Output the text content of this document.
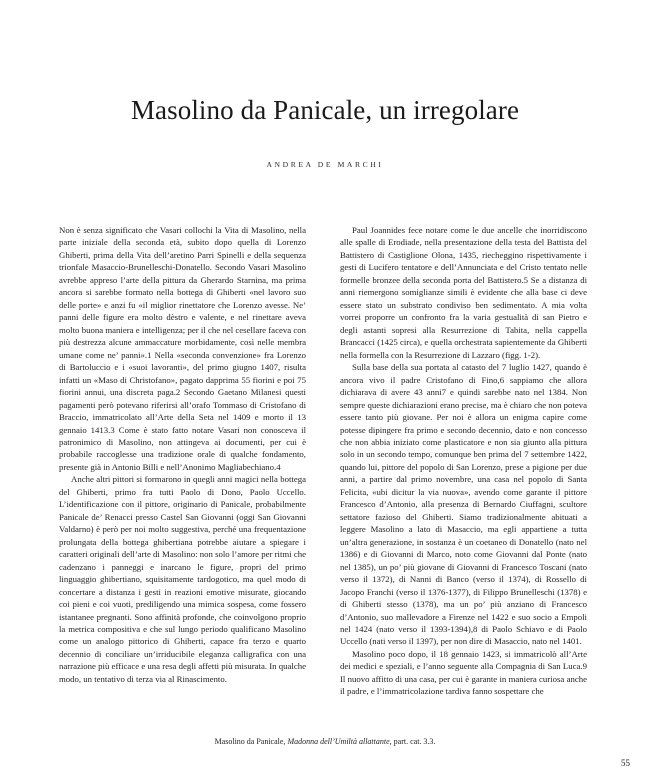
Masolino da Panicale, un irregolare
ANDREA DE MARCHI

Non è senza significato che Vasari collochi la Vita di Masolino, nella parte iniziale della seconda età, subito dopo quella di Lorenzo Ghiberti, prima della Vita dell’aretino Parri Spinelli e della sequenza trionfale Masaccio-Brunelleschi-Donatello. Secondo Vasari Masolino avrebbe appreso l’arte della pittura da Gherardo Starnina, ma prima ancora si sarebbe formato nella bottega di Ghiberti «nel lavoro suo delle porte» e anzi fu «il miglior rinettatore che Lorenzo avesse. Ne’ panni delle figure era molto dèstro e valente, e nel rinettare aveva molto buona maniera e intelligenza; per il che nel cesellare faceva con più destrezza alcune ammaccature morbidamente, così nelle membra umane come ne’ panni».1 Nella «seconda convenzione» fra Lorenzo di Bartoluccio e i «suoi lavoranti», del primo giugno 1407, risulta infatti un «Maso di Christofano», pagato dapprima 55 fiorini e poi 75 fiorini annui, una discreta paga.2 Secondo Gaetano Milanesi questi pagamenti però potevano riferirsi all’orafo Tommaso di Cristofano di Braccio, immatricolato all’Arte della Seta nel 1409 e morto il 13 gennaio 1413.3 Come è stato fatto notare Vasari non conosceva il patronimico di Masolino, non attingeva ai documenti, per cui è probabile raccoglesse una tradizione orale di qualche fondamento, presente già in Antonio Billi e nell’Anonimo Magliabechiano.4

Anche altri pittori si formarono in quegli anni magici nella bottega del Ghiberti, primo fra tutti Paolo di Dono, Paolo Uccello. L’identificazione con il pittore, originario di Panicale, probabilmente Panicale de’ Renacci presso Castel San Giovanni (oggi San Giovanni Valdarno) è però per noi molto suggestiva, perché una frequentazione prolungata della bottega ghibertiana potrebbe aiutare a spiegare i caratteri originali dell’arte di Masolino: non solo l’amore per ritmi che cadenzano i panneggi e inarcano le figure, propri del primo linguaggio ghibertiano, squisitamente tardogotico, ma quel modo di concertare a distanza i gesti in reazioni emotive misurate, giocando coi pieni e coi vuoti, prediligendo una mimica sospesa, come fossero istantanee pregnanti. Sono affinità profonde, che coinvolgono proprio la metrica compositiva e che sul lungo periodo qualificano Masolino come un analogo pittorico di Ghiberti, capace fra terzo e quarto decennio di conciliare un’irriducibile eleganza calligrafica con una narrazione più efficace e una resa degli affetti più misurata. In qualche modo, un tentativo di terza via al Rinascimento.

Paul Joannides fece notare come le due ancelle che inorridiscono alle spalle di Erodiade, nella presentazione della testa del Battista del Battistero di Castiglione Olona, 1435, riecheggino rispettivamente i gesti di Lucifero tentatore e dell’Annunciata e del Cristo tentato nelle formelle bronzee della seconda porta del Battistero.5 Se a distanza di anni riemergono somiglianze simili è evidente che alla base ci deve essere stato un substrato condiviso ben sedimentato. A mia volta vorrei proporre un confronto fra la varia gestualità di san Pietro e degli astanti sopresi alla Resurrezione di Tabita, nella cappella Brancacci (1425 circa), e quella orchestrata sapientemente da Ghiberti nella formella con la Resurrezione di Lazzaro (figg. 1-2).

Sulla base della sua portata al catasto del 7 luglio 1427, quando è ancora vivo il padre Cristofano di Fino,6 sappiamo che allora dichiarava di avere 43 anni7 e quindi sarebbe nato nel 1384. Non sempre queste dichiarazioni erano precise, ma è chiaro che non poteva essere tanto più giovane. Per noi è allora un enigma capire come potesse dipingere fra primo e secondo decennio, dato e non concesso che non abbia iniziato come plasticatore e non sia giunto alla pittura solo in un secondo tempo, comunque ben prima del 7 settembre 1422, quando lui, pittore del popolo di San Lorenzo, prese a pigione per due anni, a partire dal primo novembre, una casa nel popolo di Santa Felicita, «ubi dicitur la via nuova», avendo come garante il pittore Francesco d’Antonio, alla presenza di Bernardo Ciuffagni, scultore settatore fazioso del Ghiberti. Siamo tradizionalmente abituati a leggere Masolino a lato di Masaccio, ma egli appartiene a tutta un’altra generazione, in sostanza è un coetaneo di Donatello (nato nel 1386) e di Giovanni di Marco, noto come Giovanni dal Ponte (nato nel 1385), un po’ più giovane di Giovanni di Francesco Toscani (nato verso il 1372), di Nanni di Banco (verso il 1374), di Rossello di Jacopo Franchi (verso il 1376-1377), di Filippo Brunelleschi (1378) e di Ghiberti stesso (1378), ma un po’ più anziano di Francesco d’Antonio, suo mallevadore a Firenze nel 1422 e suo socio a Empoli nel 1424 (nato verso il 1393-1394),8 di Paolo Schiavo e di Paolo Uccello (nati verso il 1397), per non dire di Masaccio, nato nel 1401.

Masolino poco dopo, il 18 gennaio 1423, si immatricolò all’Arte dei medici e speziali, e l’anno seguente alla Compagnia di San Luca.9 Il nuovo affitto di una casa, per cui è garante in maniera curiosa anche il padre, e l’immatricolazione tardiva fanno sospettare che

Masolino da Panicale, Madonna dell’Umiltà allattante, part. cat. 3.3.
55
